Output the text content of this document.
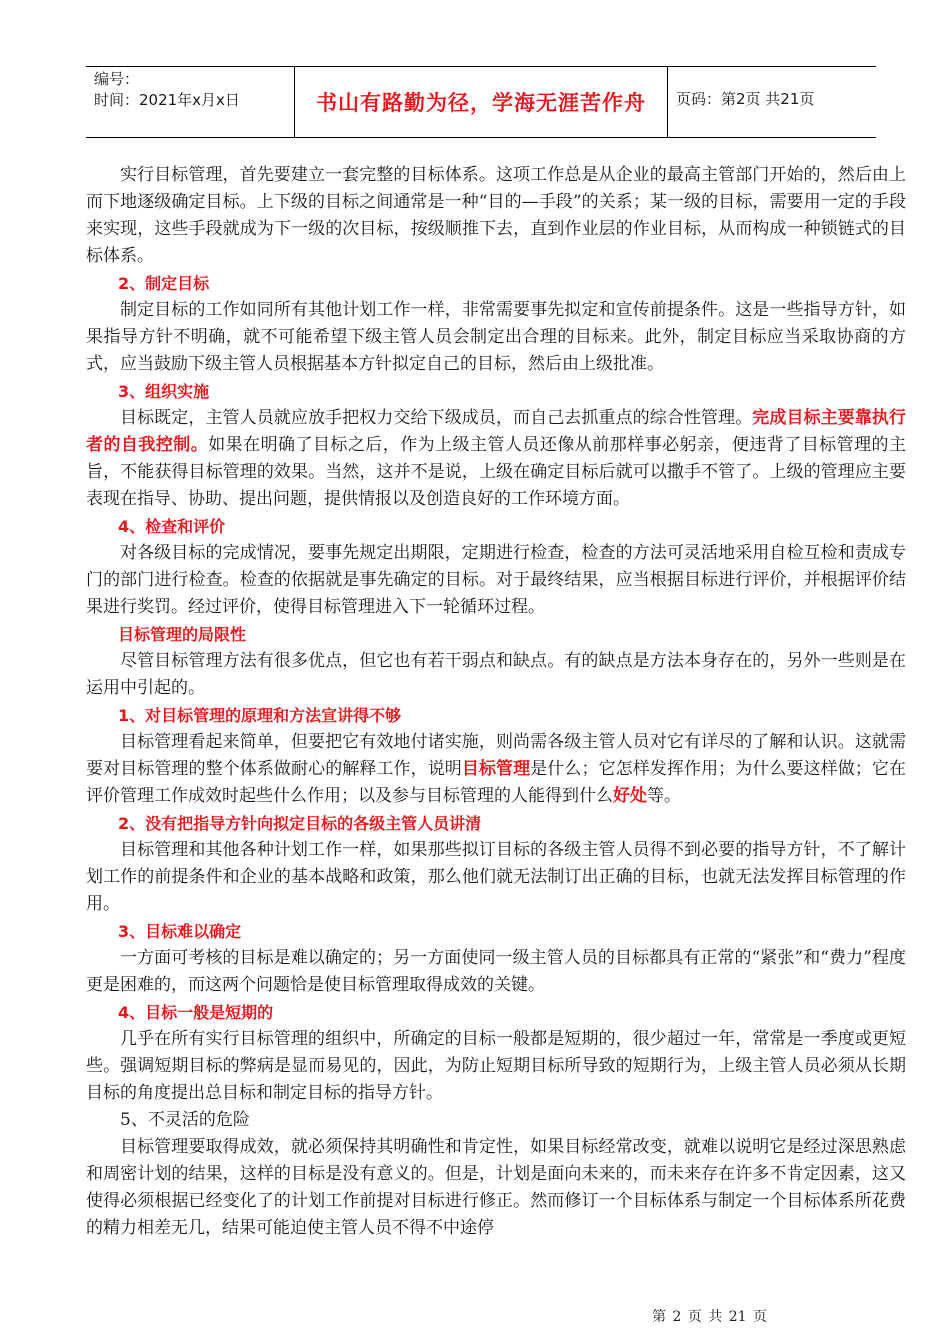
编号：
时间：2021年x月x日	书山有路勤为径，学海无涯苦作舟	页码：第2页 共21页

实行目标管理，首先要建立一套完整的目标体系。这项工作总是从企业的最高主管部门开始的，然后由上而下地逐级确定目标。上下级的目标之间通常是一种“目的—手段”的关系；某一级的目标，需要用一定的手段来实现，这些手段就成为下一级的次目标，按级顺推下去，直到作业层的作业目标，从而构成一种锁链式的目标体系。

2、制定目标

制定目标的工作如同所有其他计划工作一样，非常需要事先拟定和宣传前提条件。这是一些指导方针，如果指导方针不明确，就不可能希望下级主管人员会制定出合理的目标来。此外，制定目标应当采取协商的方式，应当鼓励下级主管人员根据基本方针拟定自己的目标，然后由上级批准。

3、组织实施

目标既定，主管人员就应放手把权力交给下级成员，而自己去抓重点的综合性管理。完成目标主要靠执行者的自我控制。如果在明确了目标之后，作为上级主管人员还像从前那样事必躬亲，便违背了目标管理的主旨，不能获得目标管理的效果。当然，这并不是说，上级在确定目标后就可以撒手不管了。上级的管理应主要表现在指导、协助、提出问题，提供情报以及创造良好的工作环境方面。

4、检查和评价

对各级目标的完成情况，要事先规定出期限，定期进行检查，检查的方法可灵活地采用自检互检和责成专门的部门进行检查。检查的依据就是事先确定的目标。对于最终结果，应当根据目标进行评价，并根据评价结果进行奖罚。经过评价，使得目标管理进入下一轮循环过程。

目标管理的局限性

尽管目标管理方法有很多优点，但它也有若干弱点和缺点。有的缺点是方法本身存在的，另外一些则是在运用中引起的。

1、对目标管理的原理和方法宣讲得不够

目标管理看起来简单，但要把它有效地付诸实施，则尚需各级主管人员对它有详尽的了解和认识。这就需要对目标管理的整个体系做耐心的解释工作，说明目标管理是什么；它怎样发挥作用；为什么要这样做；它在评价管理工作成效时起些什么作用；以及参与目标管理的人能得到什么好处等。

2、没有把指导方针向拟定目标的各级主管人员讲清

目标管理和其他各种计划工作一样，如果那些拟订目标的各级主管人员得不到必要的指导方针，不了解计划工作的前提条件和企业的基本战略和政策，那么他们就无法制订出正确的目标，也就无法发挥目标管理的作用。

3、目标难以确定

一方面可考核的目标是难以确定的；另一方面使同一级主管人员的目标都具有正常的“紧张”和“费力”程度更是困难的，而这两个问题恰是使目标管理取得成效的关键。

4、目标一般是短期的

几乎在所有实行目标管理的组织中，所确定的目标一般都是短期的，很少超过一年，常常是一季度或更短些。强调短期目标的弊病是显而易见的，因此，为防止短期目标所导致的短期行为，上级主管人员必须从长期目标的角度提出总目标和制定目标的指导方针。

5、不灵活的危险

目标管理要取得成效，就必须保持其明确性和肯定性，如果目标经常改变，就难以说明它是经过深思熟虑和周密计划的结果，这样的目标是没有意义的。但是，计划是面向未来的，而未来存在许多不肯定因素，这又使得必须根据已经变化了的计划工作前提对目标进行修正。然而修订一个目标体系与制定一个目标体系所花费的精力相差无几，结果可能迫使主管人员不得不中途停

第 2 页 共 21 页
